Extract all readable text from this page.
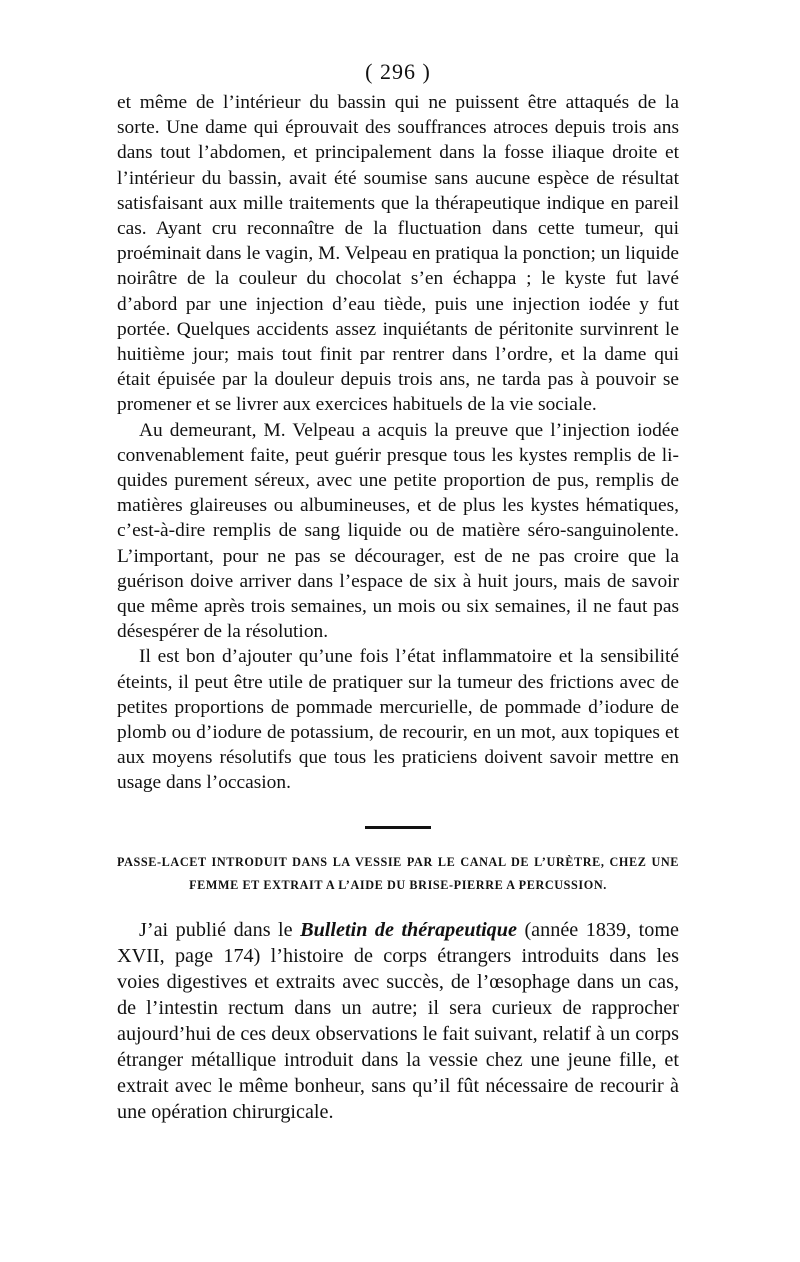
( 296 )

et même de l’intérieur du bassin qui ne puissent être attaqués de la sorte. Une dame qui éprouvait des souffrances atroces depuis trois ans dans tout l’abdomen, et principalement dans la fosse iliaque droite et l’intérieur du bassin, avait été soumise sans aucune espèce de résultat satisfaisant aux mille traitements que la thérapeutique indique en pareil cas. Ayant cru reconnaître de la fluctuation dans cette tumeur, qui proéminait dans le vagin, M. Velpeau en pratiqua la ponction; un liquide noirâtre de la couleur du chocolat s’en échappa ; le kyste fut lavé d’abord par une injection d’eau tiède, puis une injection iodée y fut portée. Quelques accidents assez inquiétants de péritonite survinrent le huitième jour; mais tout finit par rentrer dans l’ordre, et la dame qui était épuisée par la douleur depuis trois ans, ne tarda pas à pouvoir se promener et se livrer aux exercices habituels de la vie sociale.

Au demeurant, M. Velpeau a acquis la preuve que l’injection iodée convenablement faite, peut guérir presque tous les kystes remplis de liquides purement séreux, avec une petite proportion de pus, remplis de matières glaireuses ou albumineuses, et de plus les kystes hématiques, c’est-à-dire remplis de sang liquide ou de matière séro-sanguinolente. L’important, pour ne pas se décourager, est de ne pas croire que la guérison doive arriver dans l’espace de six à huit jours, mais de savoir que même après trois semaines, un mois ou six semaines, il ne faut pas désespérer de la résolution.

Il est bon d’ajouter qu’une fois l’état inflammatoire et la sensibilité éteints, il peut être utile de pratiquer sur la tumeur des frictions avec de petites proportions de pommade mercurielle, de pommade d’iodure de plomb ou d’iodure de potassium, de recourir, en un mot, aux topiques et aux moyens résolutifs que tous les praticiens doivent savoir mettre en usage dans l’occasion.

PASSE-LACET INTRODUIT DANS LA VESSIE PAR LE CANAL DE L’URÈTRE, CHEZ UNE FEMME ET EXTRAIT A L’AIDE DU BRISE-PIERRE A PERCUSSION.

J’ai publié dans le Bulletin de thérapeutique (année 1839, tome XVII, page 174) l’histoire de corps étrangers introduits dans les voies digestives et extraits avec succès, de l’œsophage dans un cas, de l’intestin rectum dans un autre; il sera curieux de rapprocher aujourd’hui de ces deux observations le fait suivant, relatif à un corps étranger métallique introduit dans la vessie chez une jeune fille, et extrait avec le même bonheur, sans qu’il fût nécessaire de recourir à une opération chirurgicale.
